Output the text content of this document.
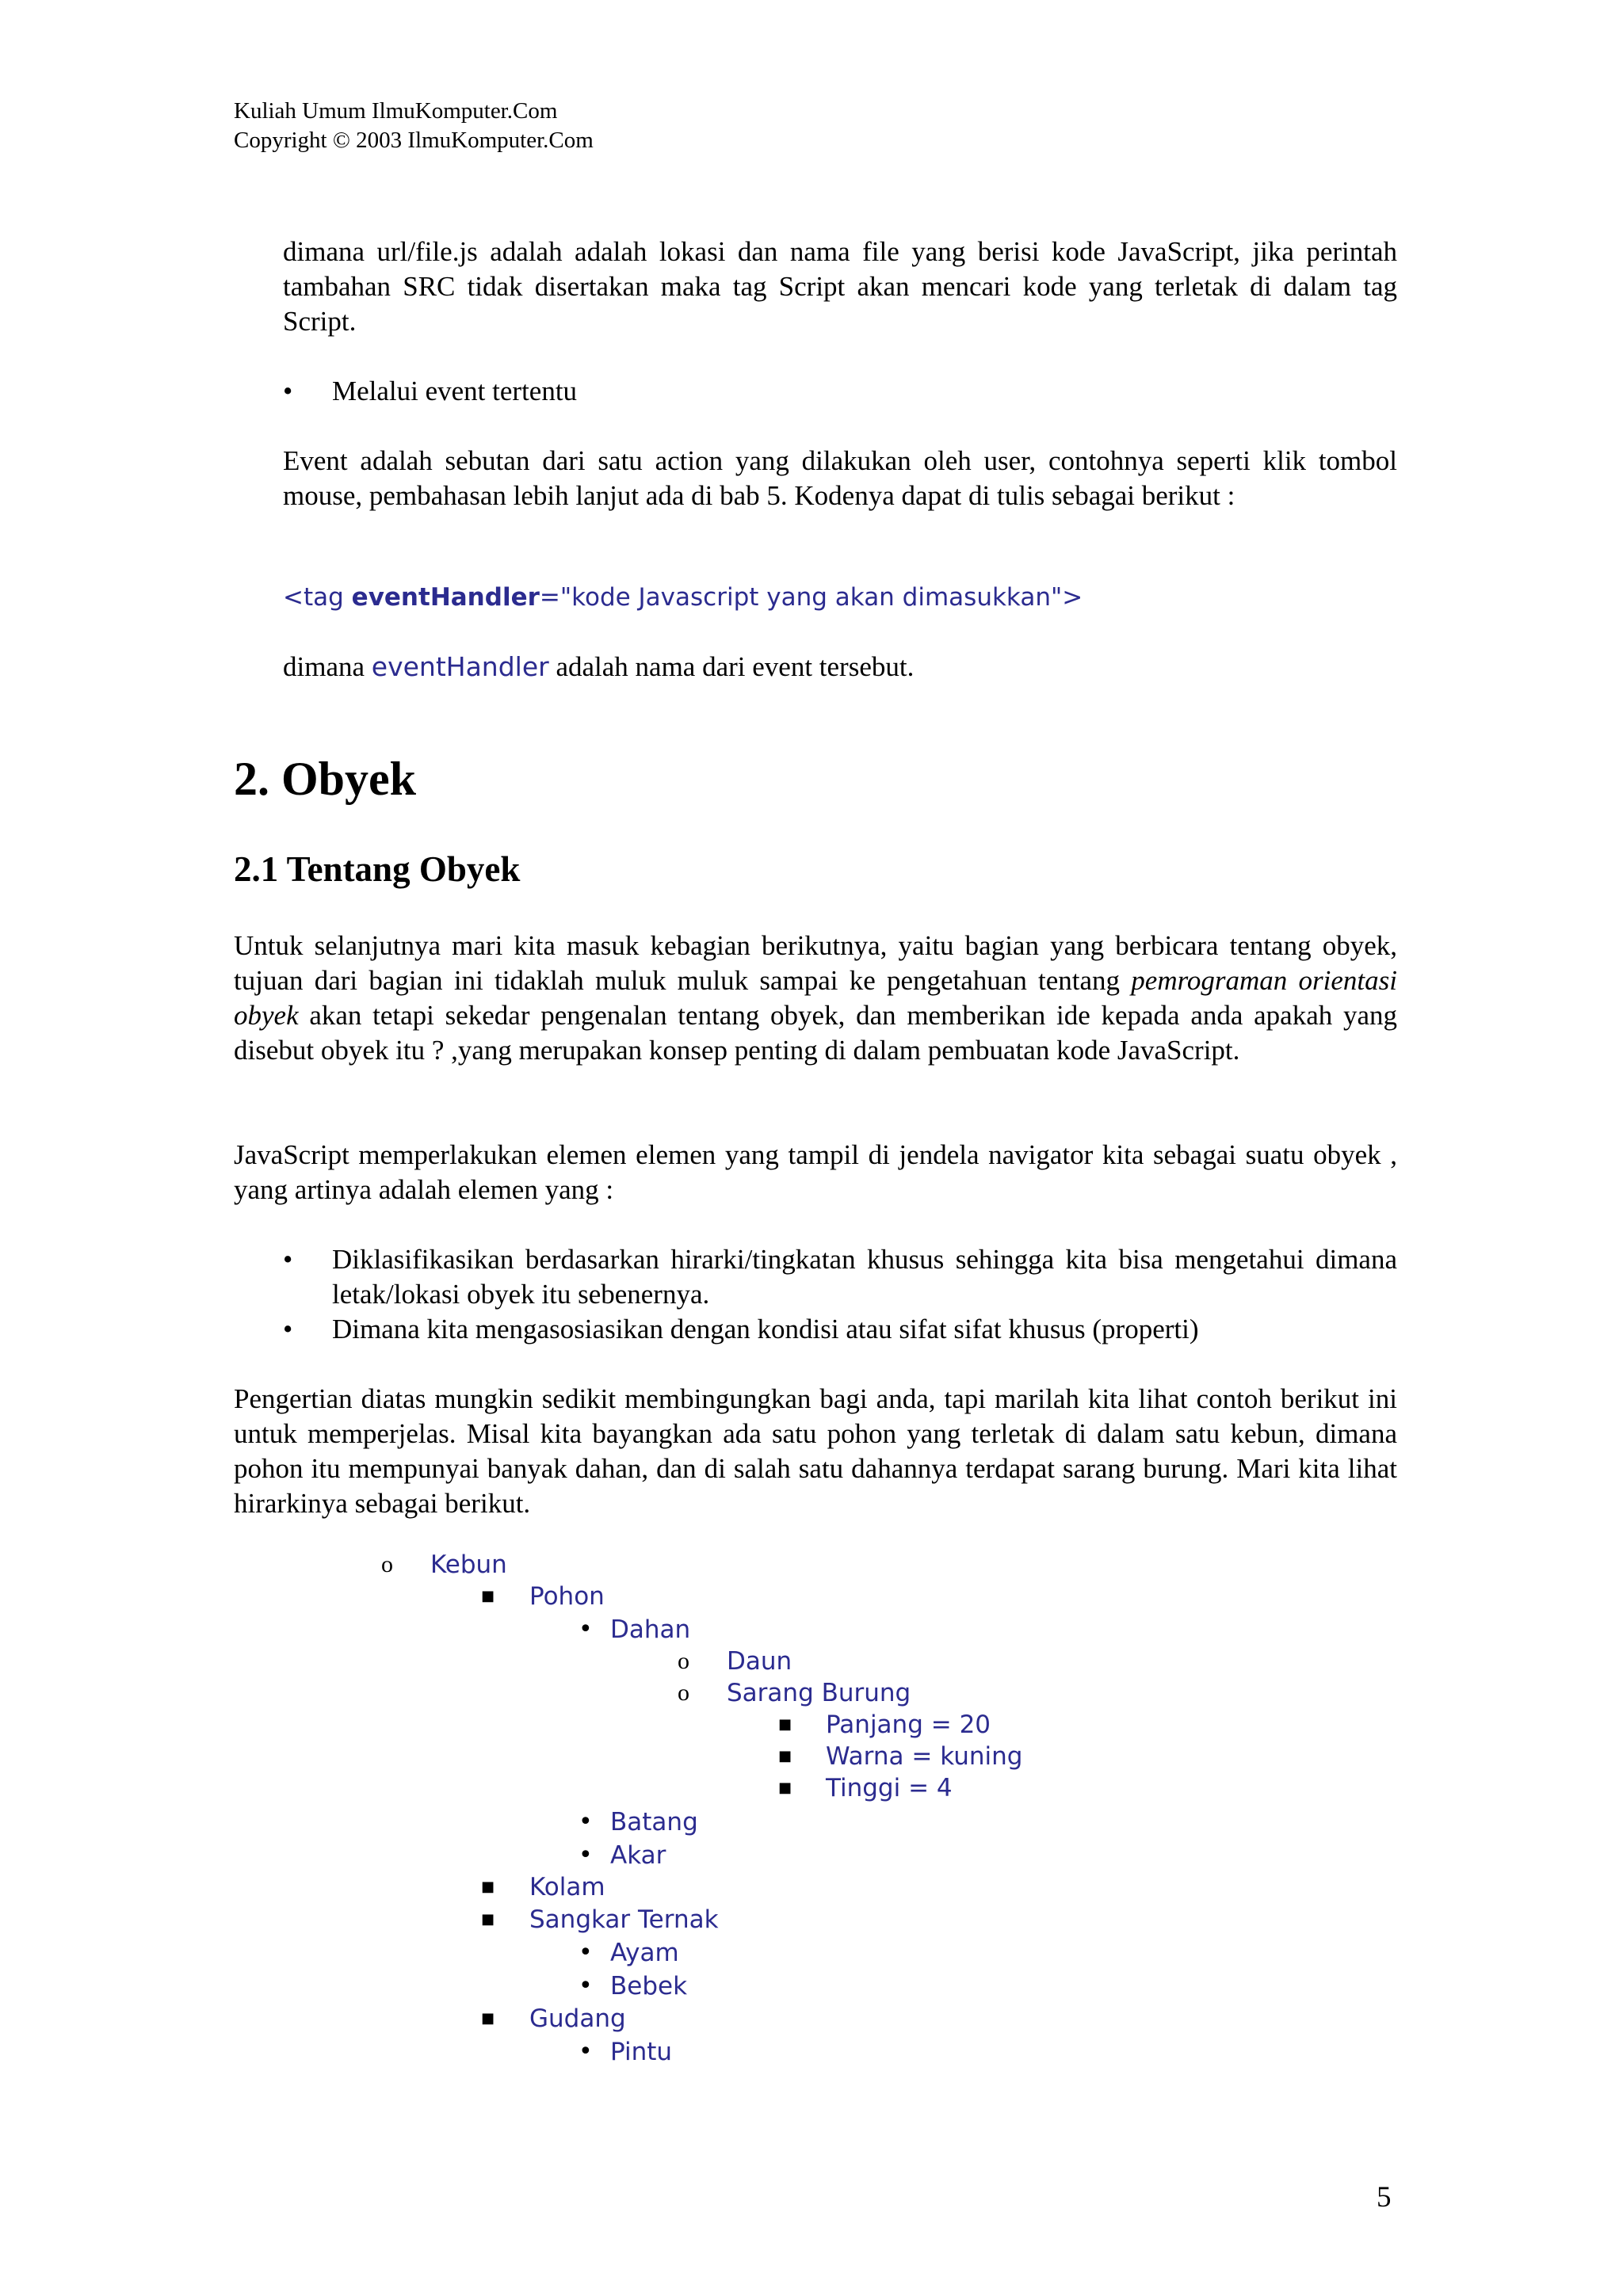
Kuliah Umum IlmuKomputer.Com
Copyright © 2003 IlmuKomputer.Com
dimana url/file.js adalah adalah lokasi dan nama file yang berisi kode JavaScript, jika perintah tambahan SRC tidak disertakan maka tag Script akan mencari kode yang terletak di dalam tag Script.
•	Melalui event tertentu
Event adalah sebutan dari satu action yang dilakukan oleh user, contohnya seperti klik tombol mouse, pembahasan lebih lanjut ada di bab 5. Kodenya dapat di tulis sebagai berikut :
<tag eventHandler="kode Javascript yang akan dimasukkan">
dimana eventHandler adalah nama dari event tersebut.
2. Obyek
2.1 Tentang Obyek
Untuk selanjutnya mari kita masuk kebagian berikutnya, yaitu bagian yang berbicara tentang obyek, tujuan dari bagian ini tidaklah muluk muluk sampai ke pengetahuan tentang pemrograman orientasi obyek akan tetapi sekedar pengenalan tentang obyek, dan memberikan ide kepada anda apakah yang disebut obyek itu ? ,yang merupakan konsep penting di dalam pembuatan kode JavaScript.
JavaScript memperlakukan elemen elemen yang tampil di jendela navigator kita sebagai suatu obyek , yang artinya adalah elemen yang :
•	Diklasifikasikan berdasarkan hirarki/tingkatan khusus sehingga kita bisa mengetahui dimana letak/lokasi obyek itu sebenernya.
•	Dimana kita mengasosiasikan dengan kondisi atau sifat sifat khusus (properti)
Pengertian diatas mungkin sedikit membingungkan bagi anda, tapi marilah kita lihat contoh berikut ini untuk memperjelas. Misal kita bayangkan ada satu pohon yang terletak di dalam satu kebun, dimana pohon itu mempunyai banyak dahan, dan di salah satu dahannya terdapat sarang burung. Mari kita lihat hirarkinya sebagai berikut.
o Kebun
■ Pohon
• Dahan
o Daun
o Sarang Burung
■ Panjang = 20
■ Warna = kuning
■ Tinggi = 4
• Batang
• Akar
■ Kolam
■ Sangkar Ternak
• Ayam
• Bebek
■ Gudang
• Pintu
5
